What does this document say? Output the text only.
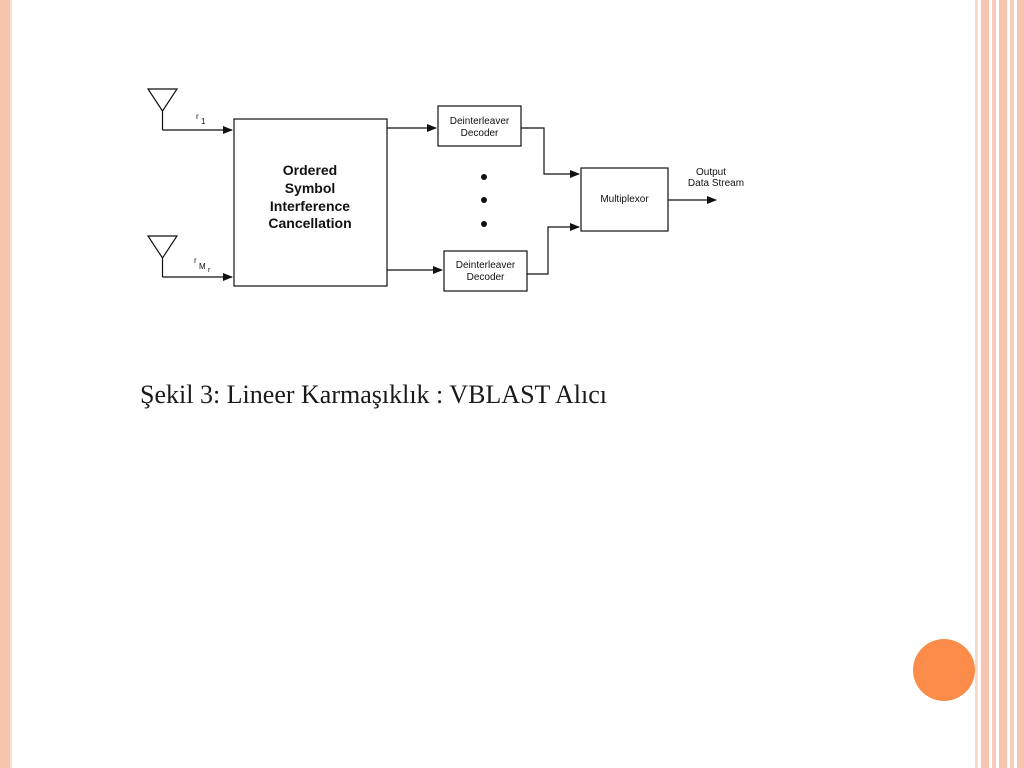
r
1
r
M r
Ordered
Symbol
Interference
Cancellation
Deinterleaver
Decoder
Deinterleaver
Decoder
Multiplexor
Output
Data Stream
Şekil 3: Lineer Karmaşıklık : VBLAST Alıcı
